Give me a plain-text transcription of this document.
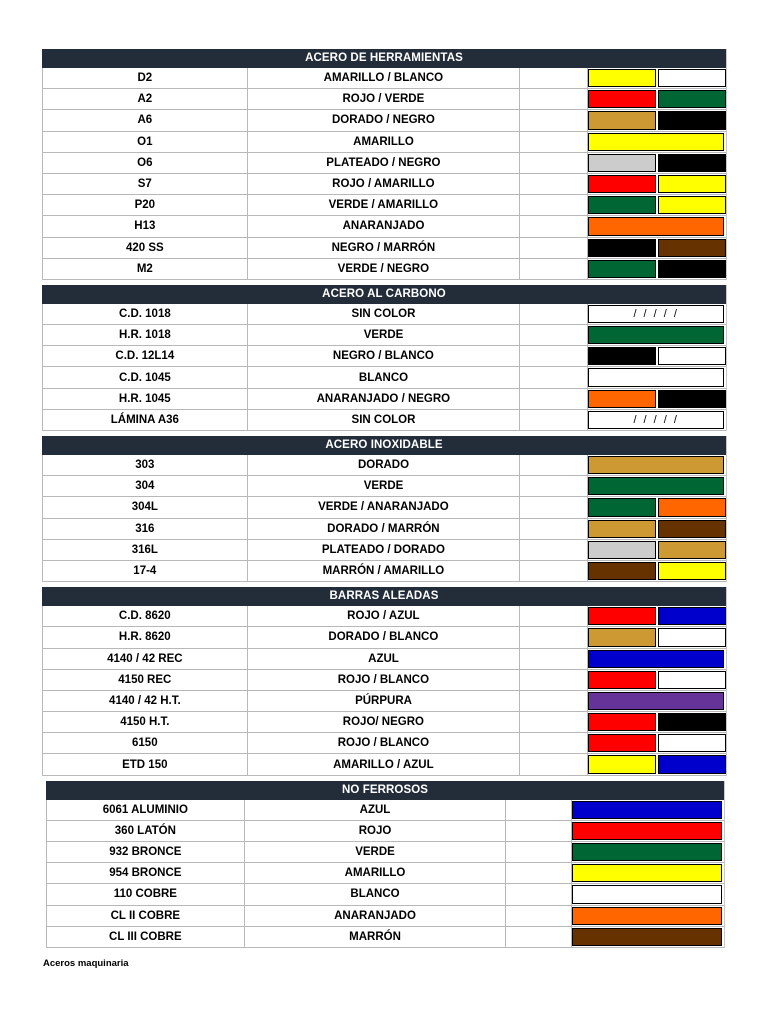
ACERO DE HERRAMIENTAS
D2	AMARILLO / BLANCO
A2	ROJO / VERDE
A6	DORADO / NEGRO
O1	AMARILLO
O6	PLATEADO / NEGRO
S7	ROJO / AMARILLO
P20	VERDE / AMARILLO
H13	ANARANJADO
420 SS	NEGRO / MARRÓN
M2	VERDE / NEGRO
ACERO AL CARBONO
C.D. 1018	SIN COLOR	/ / / / /
H.R. 1018	VERDE
C.D. 12L14	NEGRO / BLANCO
C.D. 1045	BLANCO
H.R. 1045	ANARANJADO / NEGRO
LÁMINA A36	SIN COLOR	/ / / / /
ACERO INOXIDABLE
303	DORADO
304	VERDE
304L	VERDE / ANARANJADO
316	DORADO / MARRÓN
316L	PLATEADO / DORADO
17-4	MARRÓN / AMARILLO
BARRAS ALEADAS
C.D. 8620	ROJO / AZUL
H.R. 8620	DORADO / BLANCO
4140 / 42 REC	AZUL
4150 REC	ROJO / BLANCO
4140 / 42 H.T.	PÚRPURA
4150 H.T.	ROJO/ NEGRO
6150	ROJO / BLANCO
ETD 150	AMARILLO / AZUL
NO FERROSOS
6061 ALUMINIO	AZUL
360 LATÓN	ROJO
932 BRONCE	VERDE
954 BRONCE	AMARILLO
110 COBRE	BLANCO
CL II COBRE	ANARANJADO
CL III COBRE	MARRÓN
Aceros maquinaria
